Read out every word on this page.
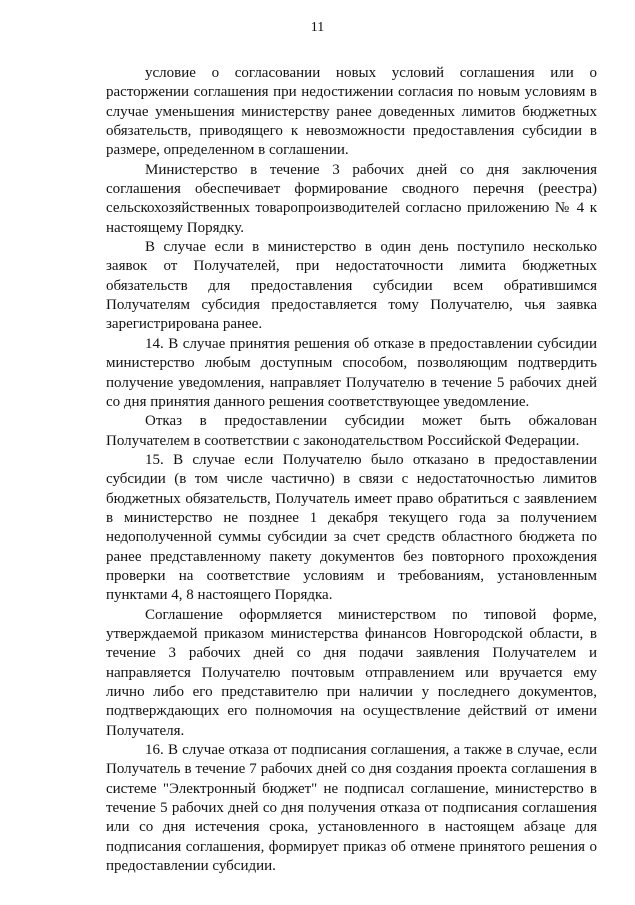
11

условие о согласовании новых условий соглашения или о расторжении соглашения при недостижении согласия по новым условиям в случае уменьшения министерству ранее доведенных лимитов бюджетных обязательств, приводящего к невозможности предоставления субсидии в размере, определенном в соглашении.

Министерство в течение 3 рабочих дней со дня заключения соглашения обеспечивает формирование сводного перечня (реестра) сельскохозяйственных товаропроизводителей согласно приложению № 4 к настоящему Порядку.

В случае если в министерство в один день поступило несколько заявок от Получателей, при недостаточности лимита бюджетных обязательств для предоставления субсидии всем обратившимся Получателям субсидия предоставляется тому Получателю, чья заявка зарегистрирована ранее.

14. В случае принятия решения об отказе в предоставлении субсидии министерство любым доступным способом, позволяющим подтвердить получение уведомления, направляет Получателю в течение 5 рабочих дней со дня принятия данного решения соответствующее уведомление.

Отказ в предоставлении субсидии может быть обжалован Получателем в соответствии с законодательством Российской Федерации.

15. В случае если Получателю было отказано в предоставлении субсидии (в том числе частично) в связи с недостаточностью лимитов бюджетных обязательств, Получатель имеет право обратиться с заявлением в министерство не позднее 1 декабря текущего года за получением недополученной суммы субсидии за счет средств областного бюджета по ранее представленному пакету документов без повторного прохождения проверки на соответствие условиям и требованиям, установленным пунктами 4, 8 настоящего Порядка.

Соглашение оформляется министерством по типовой форме, утверждаемой приказом министерства финансов Новгородской области, в течение 3 рабочих дней со дня подачи заявления Получателем и направляется Получателю почтовым отправлением или вручается ему лично либо его представителю при наличии у последнего документов, подтверждающих его полномочия на осуществление действий от имени Получателя.

16. В случае отказа от подписания соглашения, а также в случае, если Получатель в течение 7 рабочих дней со дня создания проекта соглашения в системе "Электронный бюджет" не подписал соглашение, министерство в течение 5 рабочих дней со дня получения отказа от подписания соглашения или со дня истечения срока, установленного в настоящем абзаце для подписания соглашения, формирует приказ об отмене принятого решения о предоставлении субсидии.
